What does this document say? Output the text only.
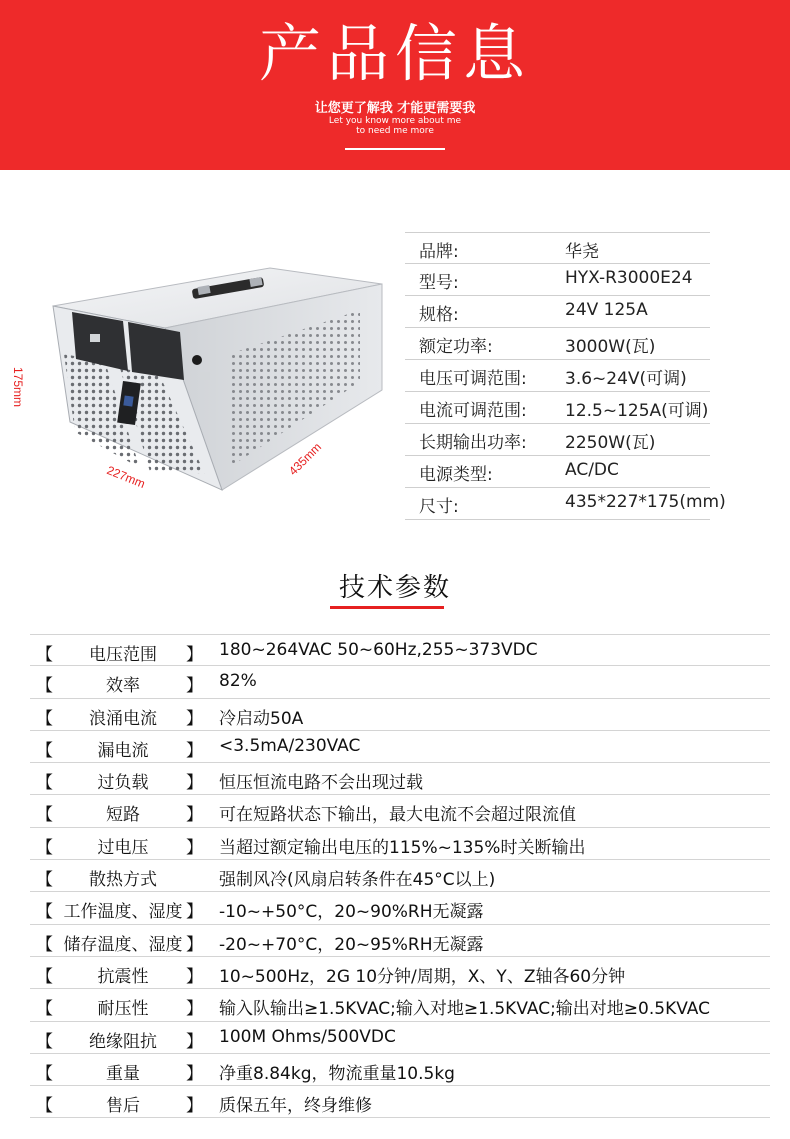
产品信息
让您更了解我 才能更需要我
Let you know more about me
to need me more
175mm
227mm	435mm
品牌:	华尧
型号:	HYX-R3000E24
规格:	24V 125A
额定功率:	3000W(瓦)
电压可调范围:	3.6~24V(可调)
电流可调范围:	12.5~125A(可调)
长期输出功率:	2250W(瓦)
电源类型:	AC/DC
尺寸:	435*227*175(mm)
技术参数
【	电压范围	】 180~264VAC 50~60Hz,255~373VDC
【	效率	】 82%
【	浪涌电流	】 冷启动50A
【	漏电流	】 <3.5mA/230VAC
【	过负载	】 恒压恒流电路不会出现过载
【	短路	】 可在短路状态下输出，最大电流不会超过限流值
【	过电压	】 当超过额定输出电压的115%~135%时关断输出
【	散热方式	强制风冷(风扇启转条件在45°C以上)
【 工作温度、湿度 】 -10~+50°C，20~90%RH无凝露
【 储存温度、湿度 】 -20~+70°C，20~95%RH无凝露
【	抗震性	】 10~500Hz，2G 10分钟/周期，X、Y、Z轴各60分钟
【	耐压性	】 输入队输出≥1.5KVAC;输入对地≥1.5KVAC;输出对地≥0.5KVAC
【	绝缘阻抗	】 100M Ohms/500VDC
【	重量	】 净重8.84kg，物流重量10.5kg
【	售后	】 质保五年，终身维修
